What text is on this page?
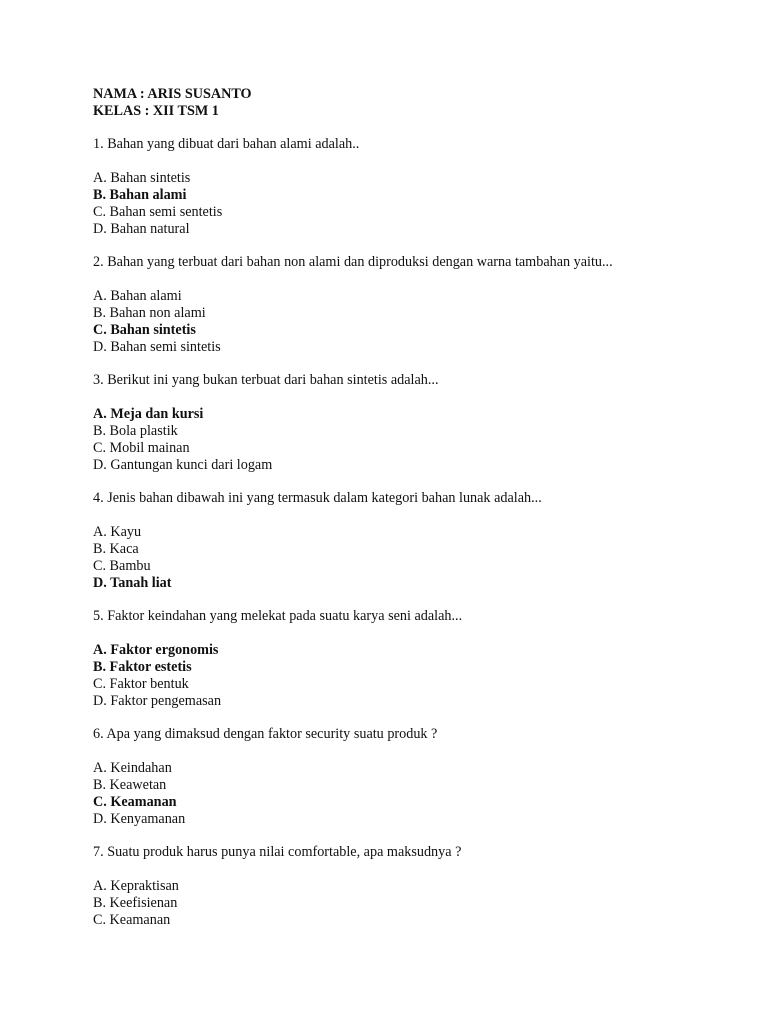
NAMA : ARIS SUSANTO
KELAS : XII TSM 1
1. Bahan yang dibuat dari bahan alami adalah..
A. Bahan sintetis
B. Bahan alami
C. Bahan semi sentetis
D. Bahan natural
2. Bahan yang terbuat dari bahan non alami dan diproduksi dengan warna tambahan yaitu...
A. Bahan alami
B. Bahan non alami
C. Bahan sintetis
D. Bahan semi sintetis
3. Berikut ini yang bukan terbuat dari bahan sintetis adalah...
A. Meja dan kursi
B. Bola plastik
C. Mobil mainan
D. Gantungan kunci dari logam
4. Jenis bahan dibawah ini yang termasuk dalam kategori bahan lunak adalah...
A. Kayu
B. Kaca
C. Bambu
D. Tanah liat
5. Faktor keindahan yang melekat pada suatu karya seni adalah...
A. Faktor ergonomis
B. Faktor estetis
C. Faktor bentuk
D. Faktor pengemasan
6. Apa yang dimaksud dengan faktor security suatu produk ?
A. Keindahan
B. Keawetan
C. Keamanan
D. Kenyamanan
7. Suatu produk harus punya nilai comfortable, apa maksudnya ?
A. Kepraktisan
B. Keefisienan
C. Keamanan
